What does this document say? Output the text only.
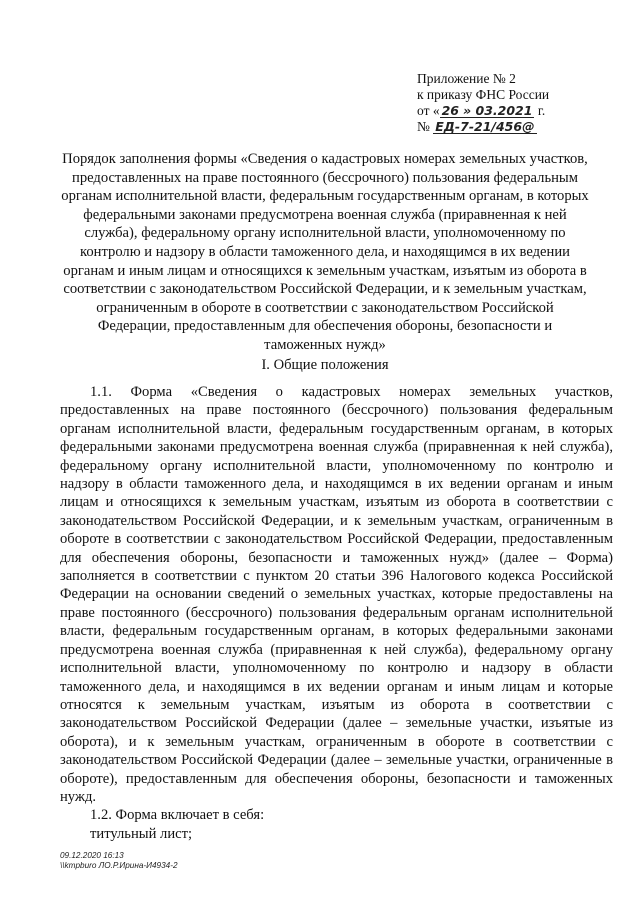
Приложение № 2
к приказу ФНС России
от « 26 » 03.2021 г.
№ ЕД-7-21/456@
Порядок заполнения формы «Сведения о кадастровых номерах земельных участков, предоставленных на праве постоянного (бессрочного) пользования федеральным органам исполнительной власти, федеральным государственным органам, в которых федеральными законами предусмотрена военная служба (приравненная к ней служба), федеральному органу исполнительной власти, уполномоченному по контролю и надзору в области таможенного дела, и находящимся в их ведении органам и иным лицам и относящихся к земельным участкам, изъятым из оборота в соответствии с законодательством Российской Федерации, и к земельным участкам, ограниченным в обороте в соответствии с законодательством Российской Федерации, предоставленным для обеспечения обороны, безопасности и таможенных нужд»
I. Общие положения

1.1. Форма «Сведения о кадастровых номерах земельных участков, предоставленных на праве постоянного (бессрочного) пользования федеральным органам исполнительной власти, федеральным государственным органам, в которых федеральными законами предусмотрена военная служба (приравненная к ней служба), федеральному органу исполнительной власти, уполномоченному по контролю и надзору в области таможенного дела, и находящимся в их ведении органам и иным лицам и относящихся к земельным участкам, изъятым из оборота в соответствии с законодательством Российской Федерации, и к земельным участкам, ограниченным в обороте в соответствии с законодательством Российской Федерации, предоставленным для обеспечения обороны, безопасности и таможенных нужд» (далее – Форма) заполняется в соответствии с пунктом 20 статьи 396 Налогового кодекса Российской Федерации на основании сведений о земельных участках, которые предоставлены на праве постоянного (бессрочного) пользования федеральным органам исполнительной власти, федеральным государственным органам, в которых федеральными законами предусмотрена военная служба (приравненная к ней служба), федеральному органу исполнительной власти, уполномоченному по контролю и надзору в области таможенного дела, и находящимся в их ведении органам и иным лицам и которые относятся к земельным участкам, изъятым из оборота в соответствии с законодательством Российской Федерации (далее – земельные участки, изъятые из оборота), и к земельным участкам, ограниченным в обороте в соответствии с законодательством Российской Федерации (далее – земельные участки, ограниченные в обороте), предоставленным для обеспечения обороны, безопасности и таможенных нужд.

1.2. Форма включает в себя:

титульный лист;

09.12.2020 16:13
\\kmpburo ЛО.Р.Ирина-И4934-2
